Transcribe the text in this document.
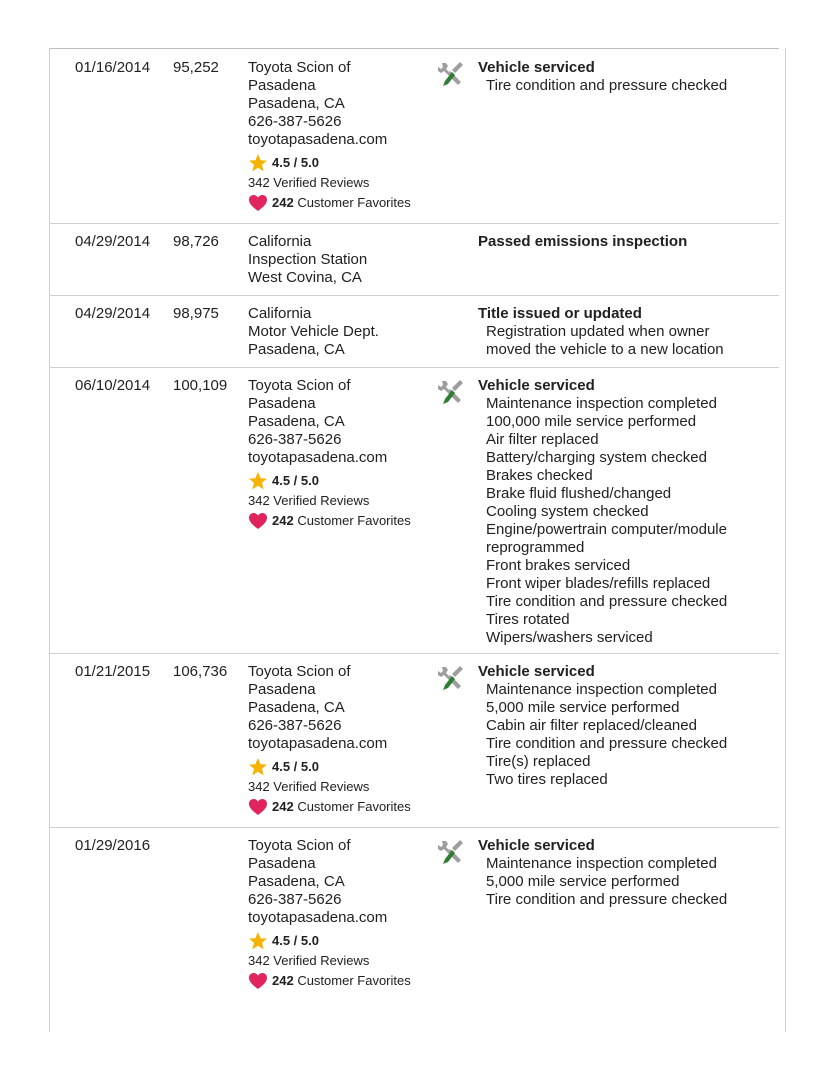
01/16/2014 95,252 Toyota Scion of
Pasadena
Pasadena, CA
626-387-5626
toyotapasadena.com
4.5 / 5.0
342 Verified Reviews
242 Customer Favorites
Vehicle serviced
Tire condition and pressure checked
04/29/2014 98,726 California
Inspection Station
West Covina, CA
Passed emissions inspection
04/29/2014 98,975 California
Motor Vehicle Dept.
Pasadena, CA
Title issued or updated
Registration updated when owner
moved the vehicle to a new location
06/10/2014 100,109 Toyota Scion of
Pasadena
Pasadena, CA
626-387-5626
toyotapasadena.com
4.5 / 5.0
342 Verified Reviews
242 Customer Favorites
Vehicle serviced
Maintenance inspection completed
100,000 mile service performed
Air filter replaced
Battery/charging system checked
Brakes checked
Brake fluid flushed/changed
Cooling system checked
Engine/powertrain computer/module
reprogrammed
Front brakes serviced
Front wiper blades/refills replaced
Tire condition and pressure checked
Tires rotated
Wipers/washers serviced
01/21/2015 106,736 Toyota Scion of
Pasadena
Pasadena, CA
626-387-5626
toyotapasadena.com
4.5 / 5.0
342 Verified Reviews
242 Customer Favorites
Vehicle serviced
Maintenance inspection completed
5,000 mile service performed
Cabin air filter replaced/cleaned
Tire condition and pressure checked
Tire(s) replaced
Two tires replaced
01/29/2016	Toyota Scion of
Pasadena
Pasadena, CA
626-387-5626
toyotapasadena.com
4.5 / 5.0
342 Verified Reviews
242 Customer Favorites
Vehicle serviced
Maintenance inspection completed
5,000 mile service performed
Tire condition and pressure checked
